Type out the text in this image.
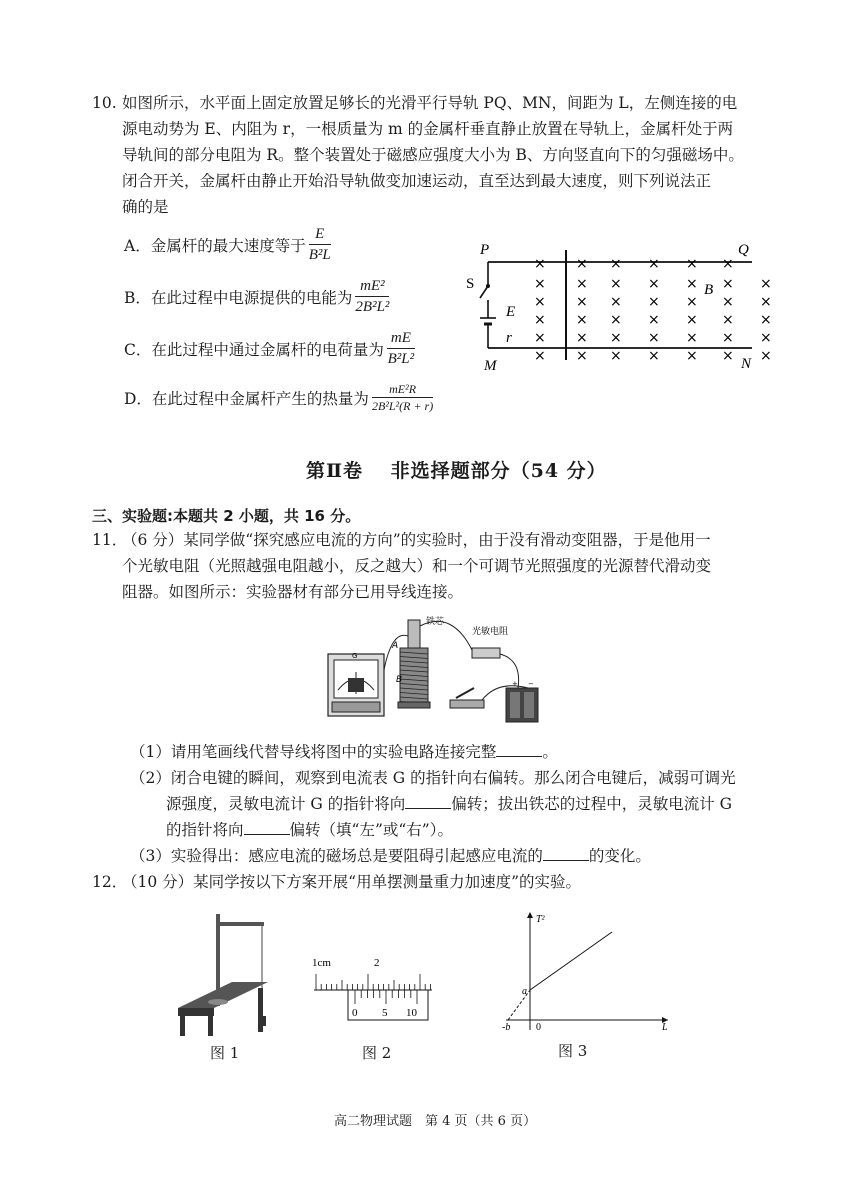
10. 如图所示，水平面上固定放置足够长的光滑平行导轨 PQ、MN，间距为 L，左侧连接的电
源电动势为 E、内阻为 r，一根质量为 m 的金属杆垂直静止放置在导轨上，金属杆处于两
导轨间的部分电阻为 R。整个装置处于磁感应强度大小为 B、方向竖直向下的匀强磁场中。
闭合开关，金属杆由静止开始沿导轨做变加速运动，直至达到最大速度，则下列说法正
确的是
A．金属杆的最大速度等于 $\frac{E}{\text{B²L}}$
B．在此过程中电源提供的电能为 $\frac{\text{mE²}}{\text{2B²L²}}$
C．在此过程中通过金属杆的电荷量为 $\frac{mE}{\text{B²L²}}$
D．在此过程中金属杆产生的热量为 $\frac{\text{mE²R}}{\text{2B²L²(R + r)}}$
P	Q
M	N
S
E
r
B
× × × × × ×
× × × × × × ×
× × × × × × ×
× × × × × × ×
× × × × × × ×
× × × × × × ×
第Ⅱ卷　 非选择题部分（54 分）
三、实验题:本题共 2 小题，共 16 分。
11．
（6 分）某同学做“探究感应电流的方向”的实验时，由于没有滑动变阻器，于是他用一
个光敏电阻（光照越强电阻越小，反之越大）和一个可调节光照强度的光源替代滑动变
阻器。如图所示：实验器材有部分已用导线连接。
G
A
B
铁芯
光敏电阻
+ −
（1）请用笔画线代替导线将图中的实验电路连接完整	。
（2）闭合电键的瞬间，观察到电流表 G 的指针向右偏转。那么闭合电键后，减弱可调光
源强度，灵敏电流计 G 的指针将向	偏转；拔出铁芯的过程中，灵敏电流计 G
的指针将向	偏转（填“左”或“右”）。
（3）实验得出：感应电流的磁场总是要阻碍引起感应电流的	的变化。
12．
（10 分）某同学按以下方案开展“用单摆测量重力加速度”的实验。
图 1
1cm	2
0 5 10
图 2
T²
L
a
-b	0
图 3
高二物理试题　第 4 页（共 6 页）
